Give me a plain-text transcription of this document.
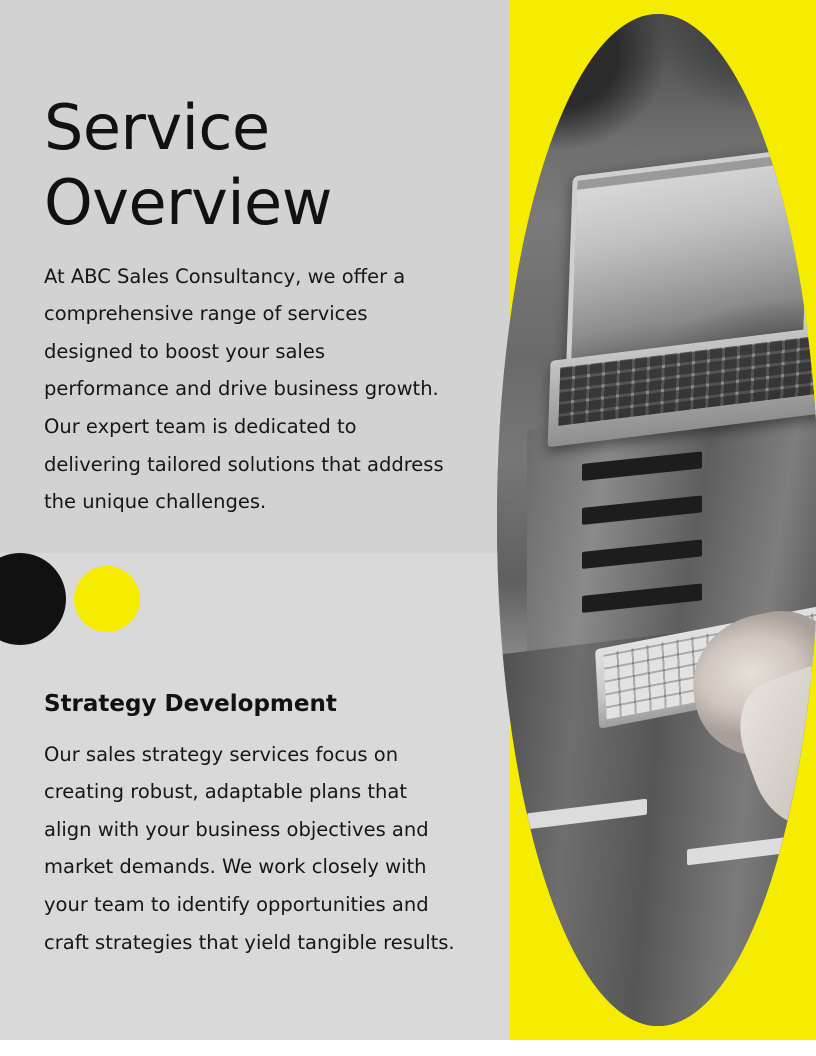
Service Overview

At ABC Sales Consultancy, we offer a comprehensive range of services designed to boost your sales performance and drive business growth. Our expert team is dedicated to delivering tailored solutions that address the unique challenges.

Strategy Development

Our sales strategy services focus on creating robust, adaptable plans that align with your business objectives and market demands. We work closely with your team to identify opportunities and craft strategies that yield tangible results.
